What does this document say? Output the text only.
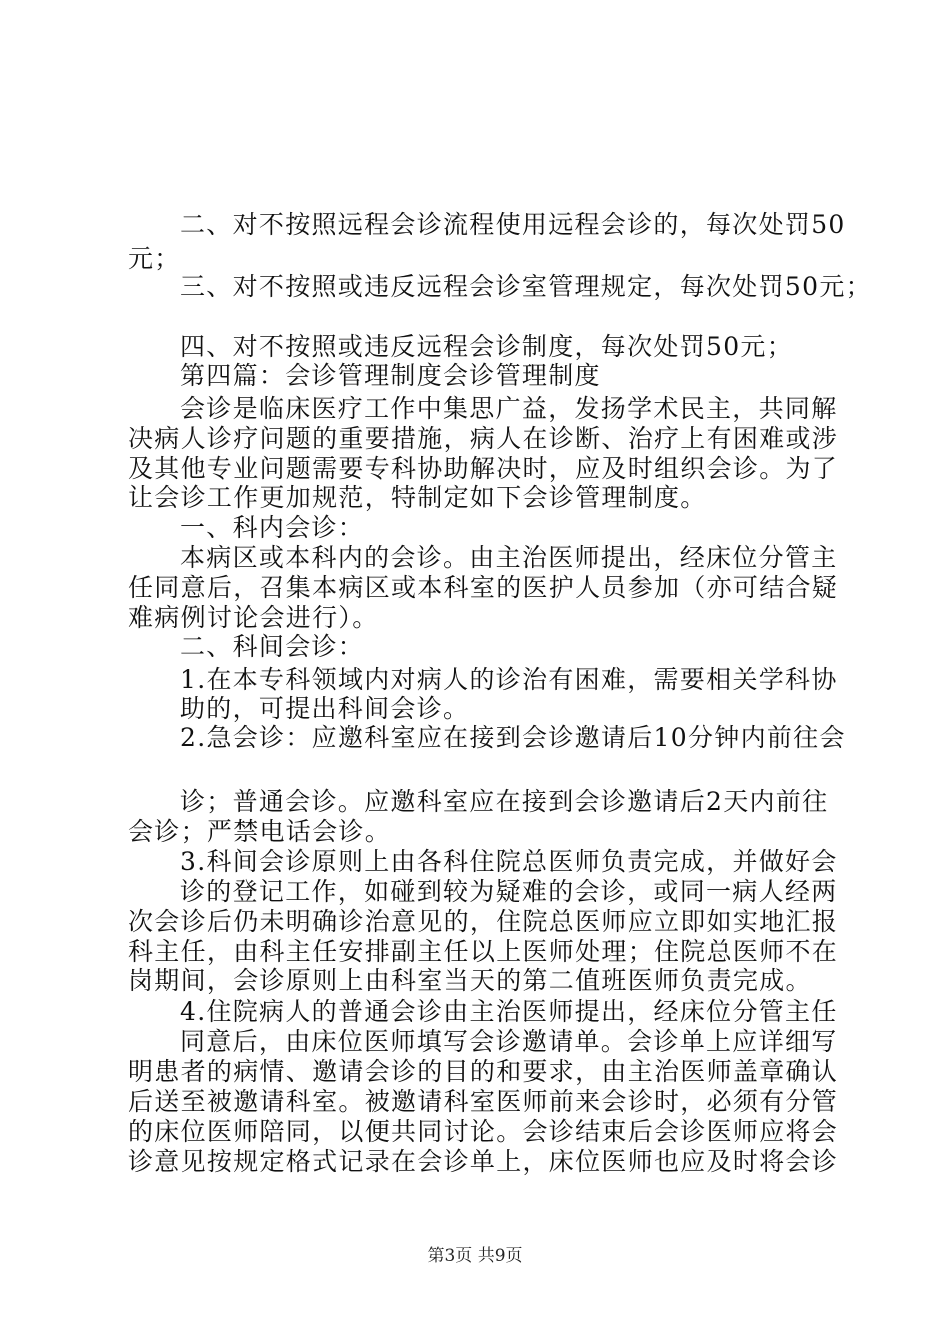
二、对不按照远程会诊流程使用远程会诊的，每次处罚50
元；
三、对不按照或违反远程会诊室管理规定，每次处罚50元；
四、对不按照或违反远程会诊制度，每次处罚50元；
第四篇：会诊管理制度会诊管理制度
会诊是临床医疗工作中集思广益，发扬学术民主，共同解
决病人诊疗问题的重要措施，病人在诊断、治疗上有困难或涉
及其他专业问题需要专科协助解决时，应及时组织会诊。为了
让会诊工作更加规范，特制定如下会诊管理制度。
一、科内会诊：
本病区或本科内的会诊。由主治医师提出，经床位分管主
任同意后，召集本病区或本科室的医护人员参加（亦可结合疑
难病例讨论会进行）。
二、科间会诊：
1.在本专科领域内对病人的诊治有困难，需要相关学科协
助的，可提出科间会诊。
2.急会诊：应邀科室应在接到会诊邀请后10分钟内前往会
诊；普通会诊。应邀科室应在接到会诊邀请后2天内前往
会诊；严禁电话会诊。
3.科间会诊原则上由各科住院总医师负责完成，并做好会
诊的登记工作，如碰到较为疑难的会诊，或同一病人经两
次会诊后仍未明确诊治意见的，住院总医师应立即如实地汇报
科主任，由科主任安排副主任以上医师处理；住院总医师不在
岗期间，会诊原则上由科室当天的第二值班医师负责完成。
4.住院病人的普通会诊由主治医师提出，经床位分管主任
同意后，由床位医师填写会诊邀请单。会诊单上应详细写
明患者的病情、邀请会诊的目的和要求，由主治医师盖章确认
后送至被邀请科室。被邀请科室医师前来会诊时，必须有分管
的床位医师陪同，以便共同讨论。会诊结束后会诊医师应将会
诊意见按规定格式记录在会诊单上，床位医师也应及时将会诊
第3页 共9页
